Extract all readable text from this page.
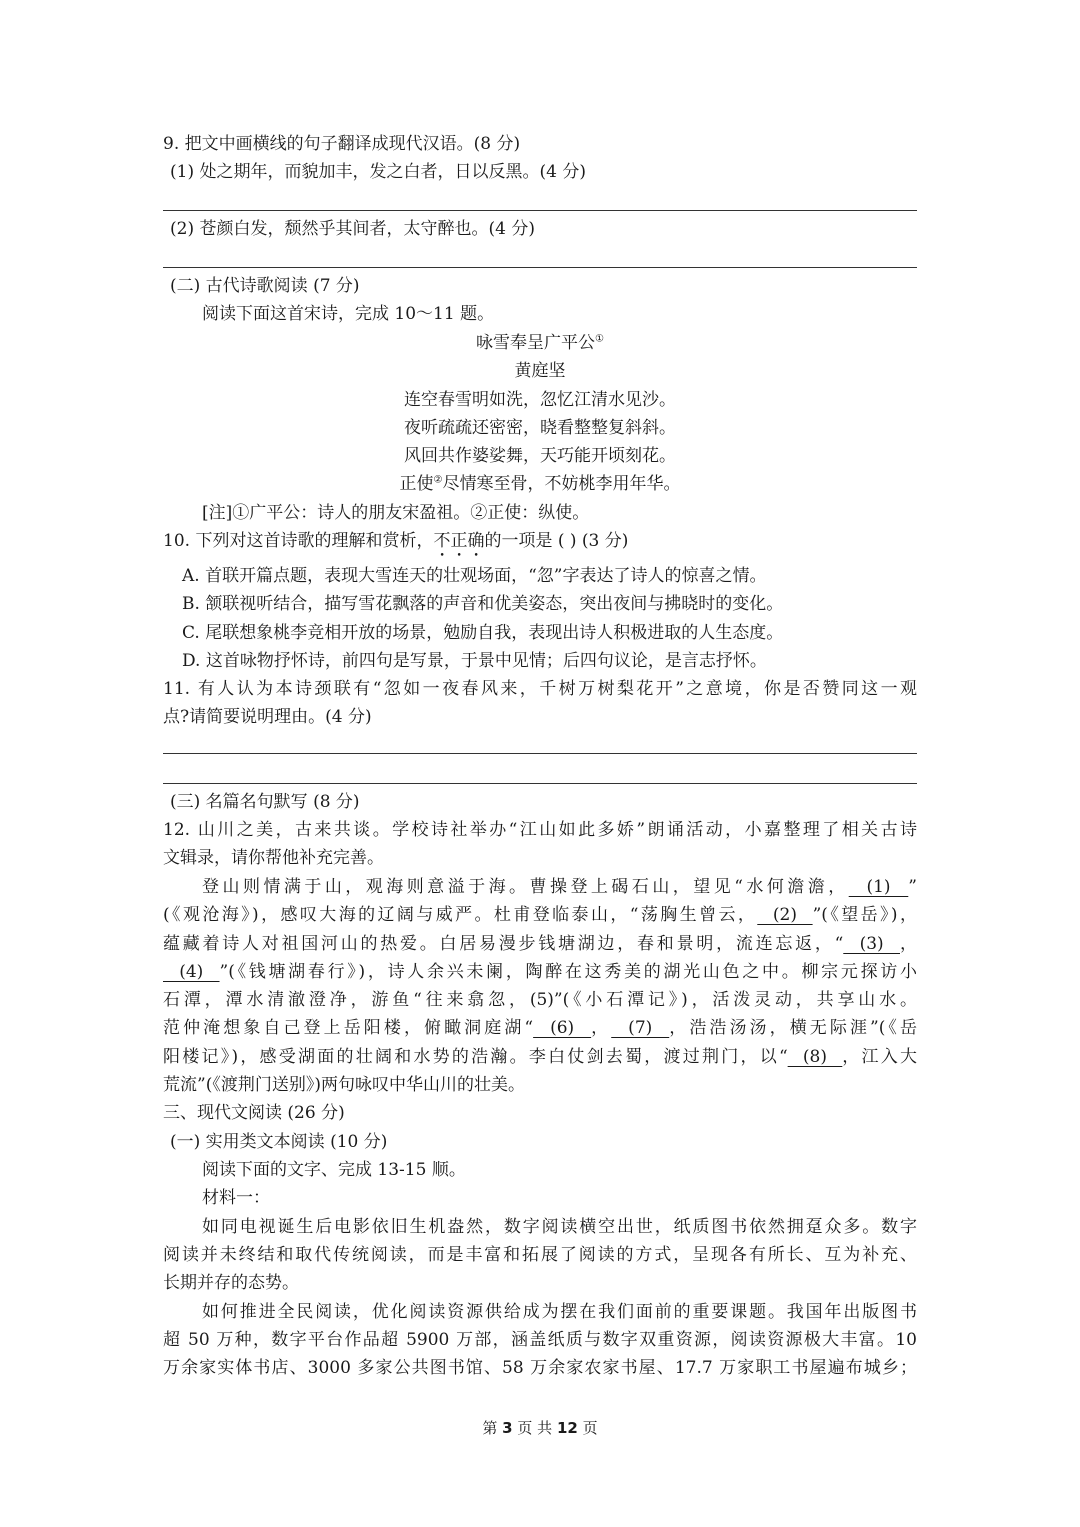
9. 把文中画横线的句子翻译成现代汉语。(8 分)
(1) 处之期年，而貌加丰，发之白者，日以反黑。(4 分)
(2) 苍颜白发，颓然乎其间者，太守醉也。(4 分)
(二) 古代诗歌阅读 (7 分)
阅读下面这首宋诗，完成 10～11 题。
咏雪奉呈广平公①
黄庭坚
连空春雪明如洗，忽忆江清水见沙。
夜听疏疏还密密，晓看整整复斜斜。
风回共作婆娑舞，天巧能开顷刻花。
正使②尽情寒至骨，不妨桃李用年华。
[注]①广平公：诗人的朋友宋盈祖。②正使：纵使。
10. 下列对这首诗歌的理解和赏析，不正确的一项是 ( ) (3 分)
A. 首联开篇点题，表现大雪连天的壮观场面，“忽”字表达了诗人的惊喜之情。
B. 颔联视听结合，描写雪花飘落的声音和优美姿态，突出夜间与拂晓时的变化。
C. 尾联想象桃李竞相开放的场景，勉励自我，表现出诗人积极进取的人生态度。
D. 这首咏物抒怀诗，前四句是写景，于景中见情；后四句议论，是言志抒怀。
11. 有人认为本诗颈联有“忽如一夜春风来，千树万树梨花开”之意境，你是否赞同这一观
点?请简要说明理由。(4 分)
(三) 名篇名句默写 (8 分)
12. 山川之美，古来共谈。学校诗社举办“江山如此多娇”朗诵活动，小嘉整理了相关古诗
文辑录，请你帮他补充完善。
登山则情满于山，观海则意溢于海。曹操登上碣石山，望见“水何澹澹，  (1)  ”
(《观沧海》)，感叹大海的辽阔与威严。杜甫登临泰山，“荡胸生曾云，  (2)  ”(《望岳》)，
蕴藏着诗人对祖国河山的热爱。白居易漫步钱塘湖边，春和景明，流连忘返，“  (3)  ，
(4)  ”(《钱塘湖春行》)，诗人余兴未阑，陶醉在这秀美的湖光山色之中。柳宗元探访小
石潭，潭水清澈澄净，游鱼“往来翕忽，(5)”(《小石潭记》)，活泼灵动，共享山水。
范仲淹想象自己登上岳阳楼，俯瞰洞庭湖“  (6)  ，  (7)  ，浩浩汤汤，横无际涯”(《岳
阳楼记》)，感受湖面的壮阔和水势的浩瀚。李白仗剑去蜀，渡过荆门，以“  (8)  ，江入大
荒流”(《渡荆门送别》)两句咏叹中华山川的壮美。
三、现代文阅读 (26 分)
(一) 实用类文本阅读 (10 分)
阅读下面的文字、完成 13-15 顺。
材料一：
如同电视诞生后电影依旧生机盎然，数字阅读横空出世，纸质图书依然拥趸众多。数字
阅读并未终结和取代传统阅读，而是丰富和拓展了阅读的方式，呈现各有所长、互为补充、
长期并存的态势。
如何推进全民阅读，优化阅读资源供给成为摆在我们面前的重要课题。我国年出版图书
超 50 万种，数字平台作品超 5900 万部，涵盖纸质与数字双重资源，阅读资源极大丰富。10
万余家实体书店、3000 多家公共图书馆、58 万余家农家书屋、17.7 万家职工书屋遍布城乡；
第 3 页 共 12 页
